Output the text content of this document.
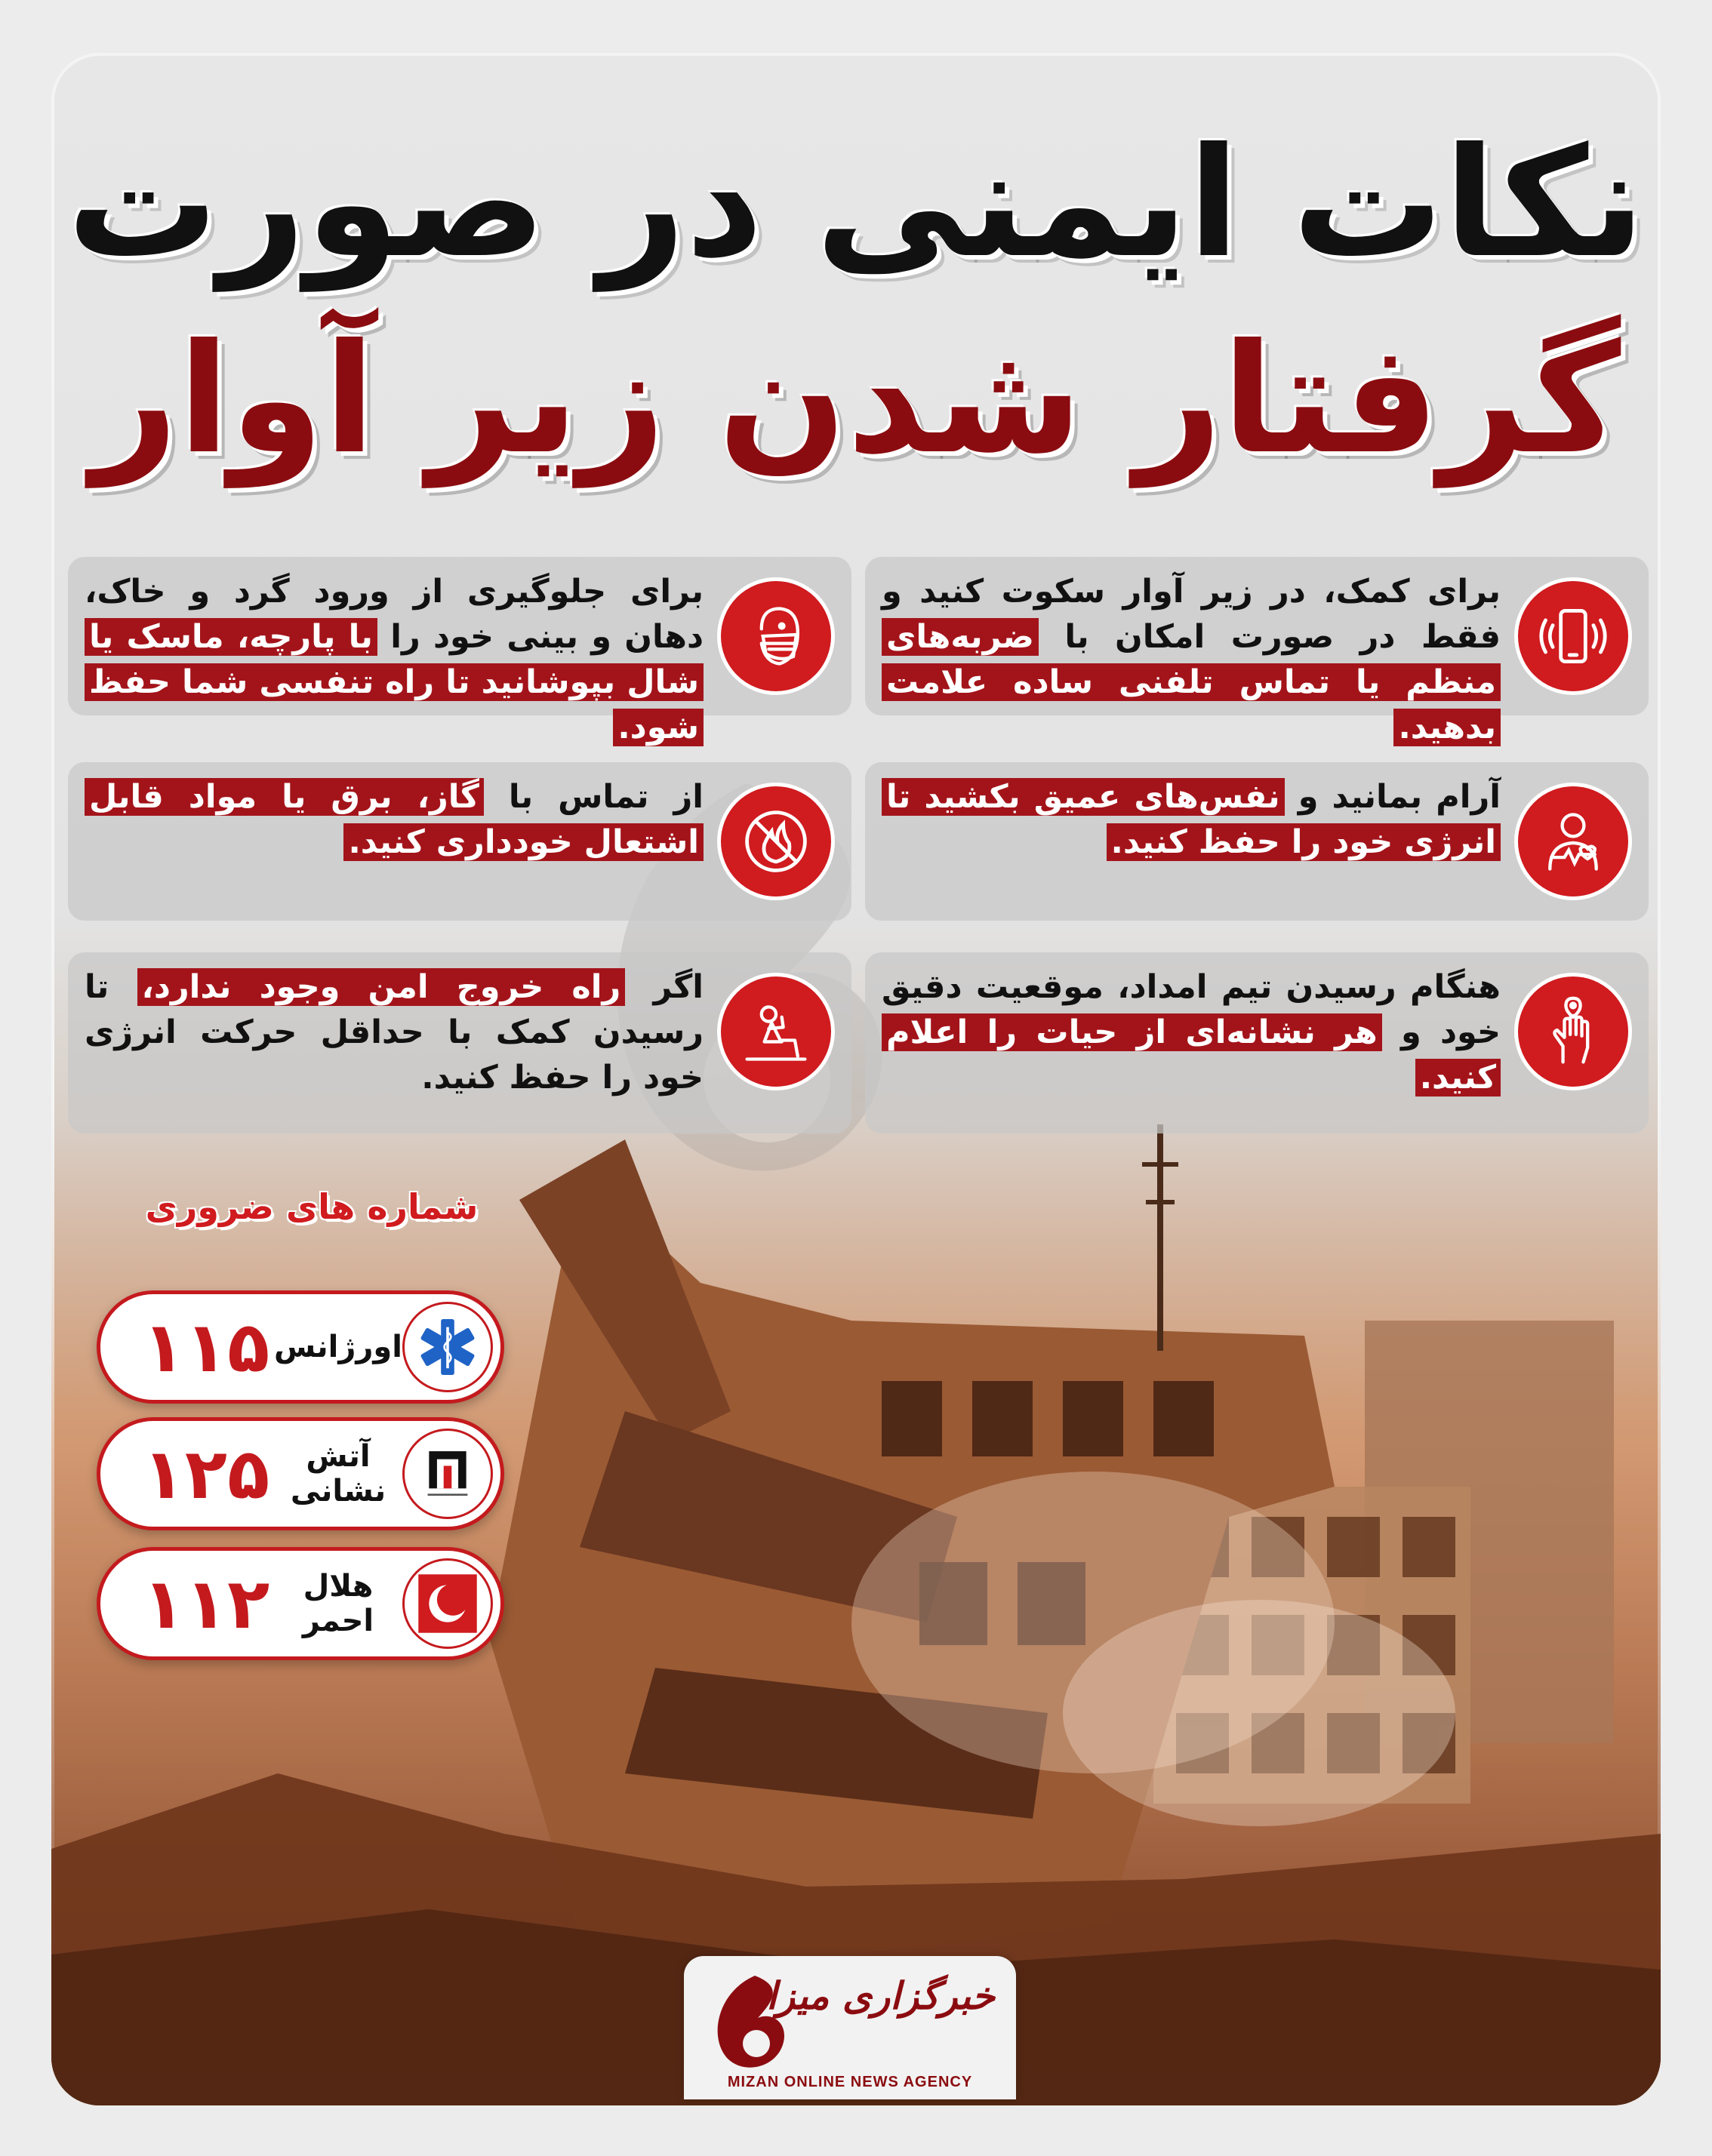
نکات ایمنی در صورت
گرفتار شدن زیر آوار
برای کمک، در زیر آوار سکوت کنید و فقط در صورت امکان با ضربه‌های منظم یا تماس تلفنی ساده علامت بدهید.
برای جلوگیری از ورود گرد و خاک، دهان و بینی خود را با پارچه، ماسک یا شال بپوشانید تا راه تنفسی شما حفظ شود.
آرام بمانید و نفس‌های عمیق بکشید تا انرژی خود را حفظ کنید.
از تماس با گاز، برق یا مواد قابل اشتعال خودداری کنید.
هنگام رسیدن تیم امداد، موقعیت دقیق خود و هر نشانه‌ای از حیات را اعلام کنید.
اگر راه خروج امن وجود ندارد، تا رسیدن کمک با حداقل حرکت انرژی خود را حفظ کنید.
شماره های ضروری
اورژانس
۱۱۵
آتش نشانی
۱۲۵
هلال احمر
۱۱۲
خبرگزاری میزان
MIZAN ONLINE NEWS AGENCY
